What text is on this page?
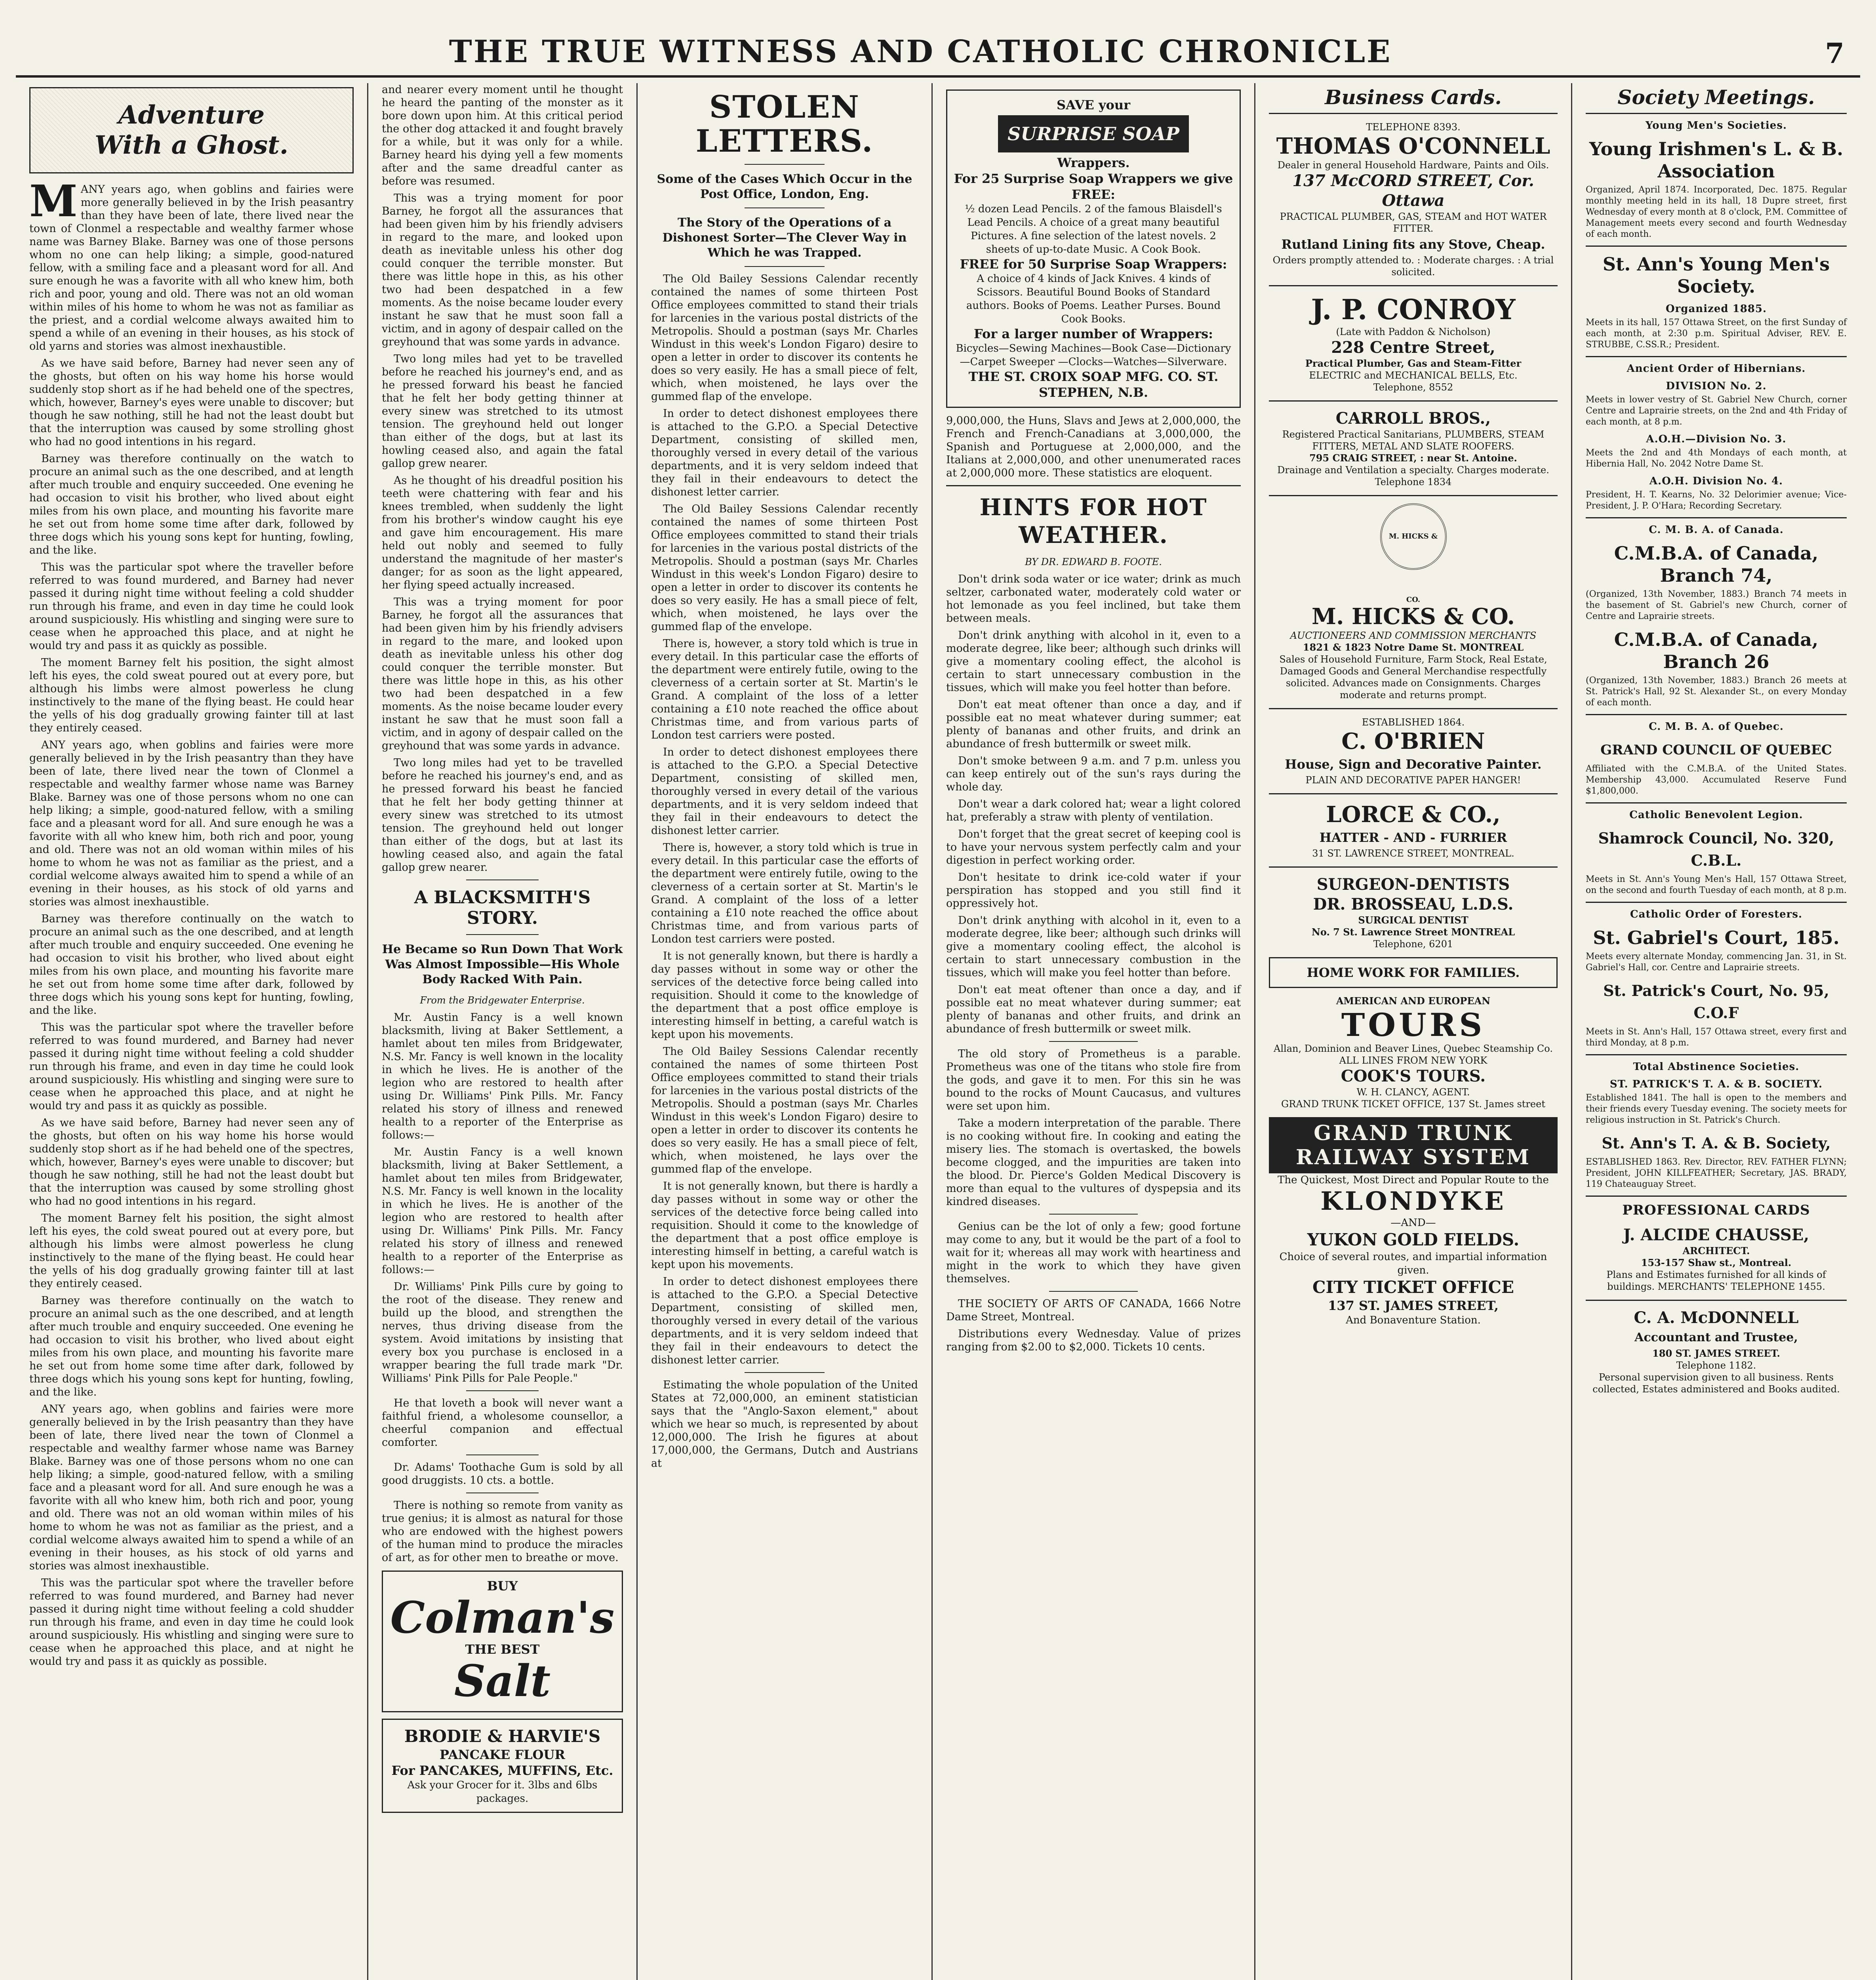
THE TRUE WITNESS AND CATHOLIC CHRONICLE	7
Adventure
With a Ghost.

MANY years ago, when goblins and fairies were more generally believed in by the Irish peasantry than they have been of late, there lived near the town of Clonmel a respectable and wealthy farmer whose name was Barney Blake. Barney was one of those persons whom no one can help liking; a simple, good-natured fellow, with a smiling face and a pleasant word for all. And sure enough he was a favorite with all who knew him, both rich and poor, young and old. There was not an old woman within miles of his home to whom he was not as familiar as the priest, and a cordial welcome always awaited him to spend a while of an evening in their houses, as his stock of old yarns and stories was almost inexhaustible.

As we have said before, Barney had never seen any of the ghosts, but often on his way home his horse would suddenly stop short as if he had beheld one of the spectres, which, however, Barney's eyes were unable to discover; but though he saw nothing, still he had not the least doubt but that the interruption was caused by some strolling ghost who had no good intentions in his regard.

Barney was therefore continually on the watch to procure an animal such as the one described, and at length after much trouble and enquiry succeeded. One evening he had occasion to visit his brother, who lived about eight miles from his own place, and mounting his favorite mare he set out from home some time after dark, followed by three dogs which his young sons kept for hunting, fowling, and the like.

This was the particular spot where the traveller before referred to was found murdered, and Barney had never passed it during night time without feeling a cold shudder run through his frame, and even in day time he could look around suspiciously. His whistling and singing were sure to cease when he approached this place, and at night he would try and pass it as quickly as possible.

The moment Barney felt his position, the sight almost left his eyes, the cold sweat poured out at every pore, but although his limbs were almost powerless he clung instinctively to the mane of the flying beast. He could hear the yells of his dog gradually growing fainter till at last they entirely ceased.

ANY years ago, when goblins and fairies were more generally believed in by the Irish peasantry than they have been of late, there lived near the town of Clonmel a respectable and wealthy farmer whose name was Barney Blake. Barney was one of those persons whom no one can help liking; a simple, good-natured fellow, with a smiling face and a pleasant word for all. And sure enough he was a favorite with all who knew him, both rich and poor, young and old. There was not an old woman within miles of his home to whom he was not as familiar as the priest, and a cordial welcome always awaited him to spend a while of an evening in their houses, as his stock of old yarns and stories was almost inexhaustible.

Barney was therefore continually on the watch to procure an animal such as the one described, and at length after much trouble and enquiry succeeded. One evening he had occasion to visit his brother, who lived about eight miles from his own place, and mounting his favorite mare he set out from home some time after dark, followed by three dogs which his young sons kept for hunting, fowling, and the like.

This was the particular spot where the traveller before referred to was found murdered, and Barney had never passed it during night time without feeling a cold shudder run through his frame, and even in day time he could look around suspiciously. His whistling and singing were sure to cease when he approached this place, and at night he would try and pass it as quickly as possible.

As we have said before, Barney had never seen any of the ghosts, but often on his way home his horse would suddenly stop short as if he had beheld one of the spectres, which, however, Barney's eyes were unable to discover; but though he saw nothing, still he had not the least doubt but that the interruption was caused by some strolling ghost who had no good intentions in his regard.

The moment Barney felt his position, the sight almost left his eyes, the cold sweat poured out at every pore, but although his limbs were almost powerless he clung instinctively to the mane of the flying beast. He could hear the yells of his dog gradually growing fainter till at last they entirely ceased.

Barney was therefore continually on the watch to procure an animal such as the one described, and at length after much trouble and enquiry succeeded. One evening he had occasion to visit his brother, who lived about eight miles from his own place, and mounting his favorite mare he set out from home some time after dark, followed by three dogs which his young sons kept for hunting, fowling, and the like.

ANY years ago, when goblins and fairies were more generally believed in by the Irish peasantry than they have been of late, there lived near the town of Clonmel a respectable and wealthy farmer whose name was Barney Blake. Barney was one of those persons whom no one can help liking; a simple, good-natured fellow, with a smiling face and a pleasant word for all. And sure enough he was a favorite with all who knew him, both rich and poor, young and old. There was not an old woman within miles of his home to whom he was not as familiar as the priest, and a cordial welcome always awaited him to spend a while of an evening in their houses, as his stock of old yarns and stories was almost inexhaustible.

This was the particular spot where the traveller before referred to was found murdered, and Barney had never passed it during night time without feeling a cold shudder run through his frame, and even in day time he could look around suspiciously. His whistling and singing were sure to cease when he approached this place, and at night he would try and pass it as quickly as possible.

and nearer every moment until he thought he heard the panting of the monster as it bore down upon him. At this critical period the other dog attacked it and fought bravely for a while, but it was only for a while. Barney heard his dying yell a few moments after and the same dreadful canter as before was resumed.

This was a trying moment for poor Barney, he forgot all the assurances that had been given him by his friendly advisers in regard to the mare, and looked upon death as inevitable unless his other dog could conquer the terrible monster. But there was little hope in this, as his other two had been despatched in a few moments. As the noise became louder every instant he saw that he must soon fall a victim, and in agony of despair called on the greyhound that was some yards in advance.

Two long miles had yet to be travelled before he reached his journey's end, and as he pressed forward his beast he fancied that he felt her body getting thinner at every sinew was stretched to its utmost tension. The greyhound held out longer than either of the dogs, but at last its howling ceased also, and again the fatal gallop grew nearer.

As he thought of his dreadful position his teeth were chattering with fear and his knees trembled, when suddenly the light from his brother's window caught his eye and gave him encouragement. His mare held out nobly and seemed to fully understand the magnitude of her master's danger; for as soon as the light appeared, her flying speed actually increased.

This was a trying moment for poor Barney, he forgot all the assurances that had been given him by his friendly advisers in regard to the mare, and looked upon death as inevitable unless his other dog could conquer the terrible monster. But there was little hope in this, as his other two had been despatched in a few moments. As the noise became louder every instant he saw that he must soon fall a victim, and in agony of despair called on the greyhound that was some yards in advance.

Two long miles had yet to be travelled before he reached his journey's end, and as he pressed forward his beast he fancied that he felt her body getting thinner at every sinew was stretched to its utmost tension. The greyhound held out longer than either of the dogs, but at last its howling ceased also, and again the fatal gallop grew nearer.

A BLACKSMITH'S STORY.
He Became so Run Down That Work Was Almost Impossible—His Whole Body Racked With Pain.
From the Bridgewater Enterprise.

Mr. Austin Fancy is a well known blacksmith, living at Baker Settlement, a hamlet about ten miles from Bridgewater, N.S. Mr. Fancy is well known in the locality in which he lives. He is another of the legion who are restored to health after using Dr. Williams' Pink Pills. Mr. Fancy related his story of illness and renewed health to a reporter of the Enterprise as follows:—

Mr. Austin Fancy is a well known blacksmith, living at Baker Settlement, a hamlet about ten miles from Bridgewater, N.S. Mr. Fancy is well known in the locality in which he lives. He is another of the legion who are restored to health after using Dr. Williams' Pink Pills. Mr. Fancy related his story of illness and renewed health to a reporter of the Enterprise as follows:—

Dr. Williams' Pink Pills cure by going to the root of the disease. They renew and build up the blood, and strengthen the nerves, thus driving disease from the system. Avoid imitations by insisting that every box you purchase is enclosed in a wrapper bearing the full trade mark "Dr. Williams' Pink Pills for Pale People."

He that loveth a book will never want a faithful friend, a wholesome counsellor, a cheerful companion and effectual comforter.

Dr. Adams' Toothache Gum is sold by all good druggists. 10 cts. a bottle.

There is nothing so remote from vanity as true genius; it is almost as natural for those who are endowed with the highest powers of the human mind to produce the miracles of art, as for other men to breathe or move.

BUY
Colman's
THE BEST
Salt
BRODIE & HARVIE'S
PANCAKE FLOUR
For PANCAKES, MUFFINS, Etc.
Ask your Grocer for it. 3lbs and 6lbs packages.
STOLEN LETTERS.
Some of the Cases Which Occur in the Post Office, London, Eng.
The Story of the Operations of a Dishonest Sorter—The Clever Way in Which he was Trapped.

The Old Bailey Sessions Calendar recently contained the names of some thirteen Post Office employees committed to stand their trials for larcenies in the various postal districts of the Metropolis. Should a postman (says Mr. Charles Windust in this week's London Figaro) desire to open a letter in order to discover its contents he does so very easily. He has a small piece of felt, which, when moistened, he lays over the gummed flap of the envelope.

In order to detect dishonest employees there is attached to the G.P.O. a Special Detective Department, consisting of skilled men, thoroughly versed in every detail of the various departments, and it is very seldom indeed that they fail in their endeavours to detect the dishonest letter carrier.

The Old Bailey Sessions Calendar recently contained the names of some thirteen Post Office employees committed to stand their trials for larcenies in the various postal districts of the Metropolis. Should a postman (says Mr. Charles Windust in this week's London Figaro) desire to open a letter in order to discover its contents he does so very easily. He has a small piece of felt, which, when moistened, he lays over the gummed flap of the envelope.

There is, however, a story told which is true in every detail. In this particular case the efforts of the department were entirely futile, owing to the cleverness of a certain sorter at St. Martin's le Grand. A complaint of the loss of a letter containing a £10 note reached the office about Christmas time, and from various parts of London test carriers were posted.

In order to detect dishonest employees there is attached to the G.P.O. a Special Detective Department, consisting of skilled men, thoroughly versed in every detail of the various departments, and it is very seldom indeed that they fail in their endeavours to detect the dishonest letter carrier.

There is, however, a story told which is true in every detail. In this particular case the efforts of the department were entirely futile, owing to the cleverness of a certain sorter at St. Martin's le Grand. A complaint of the loss of a letter containing a £10 note reached the office about Christmas time, and from various parts of London test carriers were posted.

It is not generally known, but there is hardly a day passes without in some way or other the services of the detective force being called into requisition. Should it come to the knowledge of the department that a post office employe is interesting himself in betting, a careful watch is kept upon his movements.

The Old Bailey Sessions Calendar recently contained the names of some thirteen Post Office employees committed to stand their trials for larcenies in the various postal districts of the Metropolis. Should a postman (says Mr. Charles Windust in this week's London Figaro) desire to open a letter in order to discover its contents he does so very easily. He has a small piece of felt, which, when moistened, he lays over the gummed flap of the envelope.

It is not generally known, but there is hardly a day passes without in some way or other the services of the detective force being called into requisition. Should it come to the knowledge of the department that a post office employe is interesting himself in betting, a careful watch is kept upon his movements.

In order to detect dishonest employees there is attached to the G.P.O. a Special Detective Department, consisting of skilled men, thoroughly versed in every detail of the various departments, and it is very seldom indeed that they fail in their endeavours to detect the dishonest letter carrier.

Estimating the whole population of the United States at 72,000,000, an eminent statistician says that the "Anglo-Saxon element," about which we hear so much, is represented by about 12,000,000. The Irish he figures at about 17,000,000, the Germans, Dutch and Austrians at

SAVE your
SURPRISE SOAP
Wrappers.
For 25 Surprise Soap Wrappers we give FREE:
½ dozen Lead Pencils. 2 of the famous Blaisdell's Lead Pencils. A choice of a great many beautiful Pictures. A fine selection of the latest novels. 2 sheets of up-to-date Music. A Cook Book.
FREE for 50 Surprise Soap Wrappers:
A choice of 4 kinds of Jack Knives. 4 kinds of Scissors. Beautiful Bound Books of Standard authors. Books of Poems. Leather Purses. Bound Cook Books.
For a larger number of Wrappers:
Bicycles—Sewing Machines—Book Case—Dictionary—Carpet Sweeper —Clocks—Watches—Silverware.
THE ST. CROIX SOAP MFG. CO. ST. STEPHEN, N.B.

9,000,000, the Huns, Slavs and Jews at 2,000,000, the French and French-Canadians at 3,000,000, the Spanish and Portuguese at 2,000,000, and the Italians at 2,000,000, and other unenumerated races at 2,000,000 more. These statistics are eloquent.

HINTS FOR HOT WEATHER.
BY DR. EDWARD B. FOOTE.

Don't drink soda water or ice water; drink as much seltzer, carbonated water, moderately cold water or hot lemonade as you feel inclined, but take them between meals.

Don't drink anything with alcohol in it, even to a moderate degree, like beer; although such drinks will give a momentary cooling effect, the alcohol is certain to start unnecessary combustion in the tissues, which will make you feel hotter than before.

Don't eat meat oftener than once a day, and if possible eat no meat whatever during summer; eat plenty of bananas and other fruits, and drink an abundance of fresh buttermilk or sweet milk.

Don't smoke between 9 a.m. and 7 p.m. unless you can keep entirely out of the sun's rays during the whole day.

Don't wear a dark colored hat; wear a light colored hat, preferably a straw with plenty of ventilation.

Don't forget that the great secret of keeping cool is to have your nervous system perfectly calm and your digestion in perfect working order.

Don't hesitate to drink ice-cold water if your perspiration has stopped and you still find it oppressively hot.

Don't drink anything with alcohol in it, even to a moderate degree, like beer; although such drinks will give a momentary cooling effect, the alcohol is certain to start unnecessary combustion in the tissues, which will make you feel hotter than before.

Don't eat meat oftener than once a day, and if possible eat no meat whatever during summer; eat plenty of bananas and other fruits, and drink an abundance of fresh buttermilk or sweet milk.

The old story of Prometheus is a parable. Prometheus was one of the titans who stole fire from the gods, and gave it to men. For this sin he was bound to the rocks of Mount Caucasus, and vultures were set upon him.

Take a modern interpretation of the parable. There is no cooking without fire. In cooking and eating the misery lies. The stomach is overtasked, the bowels become clogged, and the impurities are taken into the blood. Dr. Pierce's Golden Medical Discovery is more than equal to the vultures of dyspepsia and its kindred diseases.

Genius can be the lot of only a few; good fortune may come to any, but it would be the part of a fool to wait for it; whereas all may work with heartiness and might in the work to which they have given themselves.

THE SOCIETY OF ARTS OF CANADA, 1666 Notre Dame Street, Montreal.

Distributions every Wednesday. Value of prizes ranging from $2.00 to $2,000. Tickets 10 cents.

Business Cards.
TELEPHONE 8393.
THOMAS O'CONNELL
Dealer in general Household Hardware, Paints and Oils.
137 McCORD STREET, Cor. Ottawa
PRACTICAL PLUMBER, GAS, STEAM and HOT WATER FITTER.
Rutland Lining fits any Stove, Cheap.
Orders promptly attended to. : Moderate charges. : A trial solicited.
J. P. CONROY
(Late with Paddon & Nicholson)
228 Centre Street,
Practical Plumber, Gas and Steam-Fitter
ELECTRIC and MECHANICAL BELLS, Etc.
Telephone, 8552
CARROLL BROS.,
Registered Practical Sanitarians, PLUMBERS, STEAM FITTERS, METAL AND SLATE ROOFERS.
795 CRAIG STREET, : near St. Antoine.
Drainage and Ventilation a specialty. Charges moderate. Telephone 1834
M. HICKS & CO.
M. HICKS & CO.
AUCTIONEERS AND COMMISSION MERCHANTS
1821 & 1823 Notre Dame St. MONTREAL
Sales of Household Furniture, Farm Stock, Real Estate, Damaged Goods and General Merchandise respectfully solicited. Advances made on Consignments. Charges moderate and returns prompt.
ESTABLISHED 1864.
C. O'BRIEN
House, Sign and Decorative Painter.
PLAIN AND DECORATIVE PAPER HANGER!
LORCE & CO.,
HATTER - AND - FURRIER
31 ST. LAWRENCE STREET, MONTREAL.
SURGEON-DENTISTS
DR. BROSSEAU, L.D.S.
SURGICAL DENTIST
No. 7 St. Lawrence Street MONTREAL
Telephone, 6201
HOME WORK FOR FAMILIES.
AMERICAN AND EUROPEAN
TOURS
Allan, Dominion and Beaver Lines, Quebec Steamship Co. ALL LINES FROM NEW YORK
COOK'S TOURS.
W. H. CLANCY, AGENT.
GRAND TRUNK TICKET OFFICE, 137 St. James street
GRAND TRUNK RAILWAY SYSTEM
The Quickest, Most Direct and Popular Route to the
KLONDYKE
—AND—
YUKON GOLD FIELDS.
Choice of several routes, and impartial information given.
CITY TICKET OFFICE
137 ST. JAMES STREET,
And Bonaventure Station.
Society Meetings.
Young Men's Societies.
Young Irishmen's L. & B. Association

Organized, April 1874. Incorporated, Dec. 1875. Regular monthly meeting held in its hall, 18 Dupre street, first Wednesday of every month at 8 o'clock, P.M. Committee of Management meets every second and fourth Wednesday of each month.

St. Ann's Young Men's Society.
Organized 1885.

Meets in its hall, 157 Ottawa Street, on the first Sunday of each month, at 2:30 p.m. Spiritual Adviser, REV. E. STRUBBE, C.SS.R.; President.

Ancient Order of Hibernians.
DIVISION No. 2.

Meets in lower vestry of St. Gabriel New Church, corner Centre and Laprairie streets, on the 2nd and 4th Friday of each month, at 8 p.m.

A.O.H.—Division No. 3.

Meets the 2nd and 4th Mondays of each month, at Hibernia Hall, No. 2042 Notre Dame St.

A.O.H. Division No. 4.

President, H. T. Kearns, No. 32 Delorimier avenue; Vice-President, J. P. O'Hara; Recording Secretary.

C. M. B. A. of Canada.
C.M.B.A. of Canada, Branch 74,

(Organized, 13th November, 1883.) Branch 74 meets in the basement of St. Gabriel's new Church, corner of Centre and Laprairie streets.

C.M.B.A. of Canada, Branch 26

(Organized, 13th November, 1883.) Branch 26 meets at St. Patrick's Hall, 92 St. Alexander St., on every Monday of each month.

C. M. B. A. of Quebec.
GRAND COUNCIL OF QUEBEC

Affiliated with the C.M.B.A. of the United States. Membership 43,000. Accumulated Reserve Fund $1,800,000.

Catholic Benevolent Legion.
Shamrock Council, No. 320, C.B.L.

Meets in St. Ann's Young Men's Hall, 157 Ottawa Street, on the second and fourth Tuesday of each month, at 8 p.m.

Catholic Order of Foresters.
St. Gabriel's Court, 185.

Meets every alternate Monday, commencing Jan. 31, in St. Gabriel's Hall, cor. Centre and Laprairie streets.

St. Patrick's Court, No. 95, C.O.F

Meets in St. Ann's Hall, 157 Ottawa street, every first and third Monday, at 8 p.m.

Total Abstinence Societies.
ST. PATRICK'S T. A. & B. SOCIETY.

Established 1841. The hall is open to the members and their friends every Tuesday evening. The society meets for religious instruction in St. Patrick's Church.

St. Ann's T. A. & B. Society,

ESTABLISHED 1863. Rev. Director, REV. FATHER FLYNN; President, JOHN KILLFEATHER; Secretary, JAS. BRADY, 119 Chateauguay Street.

PROFESSIONAL CARDS
J. ALCIDE CHAUSSE,
ARCHITECT.
153-157 Shaw st., Montreal.
Plans and Estimates furnished for all kinds of buildings. MERCHANTS' TELEPHONE 1455.
C. A. McDONNELL
Accountant and Trustee,
180 ST. JAMES STREET.
Telephone 1182.
Personal supervision given to all business. Rents collected, Estates administered and Books audited.
